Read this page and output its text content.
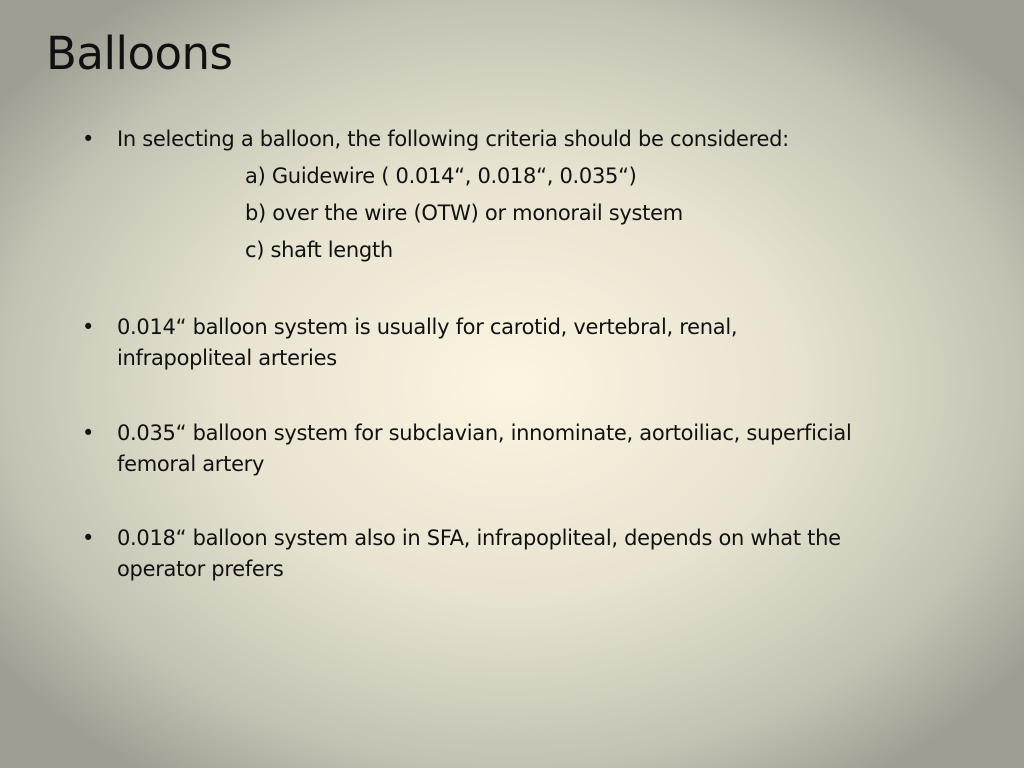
Balloons
• In selecting a balloon, the following criteria should be considered:
a) Guidewire ( 0.014“, 0.018“, 0.035“)
b) over the wire (OTW) or monorail system
c) shaft length
• 0.014“ balloon system is usually for carotid, vertebral, renal, infrapopliteal arteries
• 0.035“ balloon system for subclavian, innominate, aortoiliac, superficial femoral artery
• 0.018“ balloon system also in SFA, infrapopliteal, depends on what the operator prefers
